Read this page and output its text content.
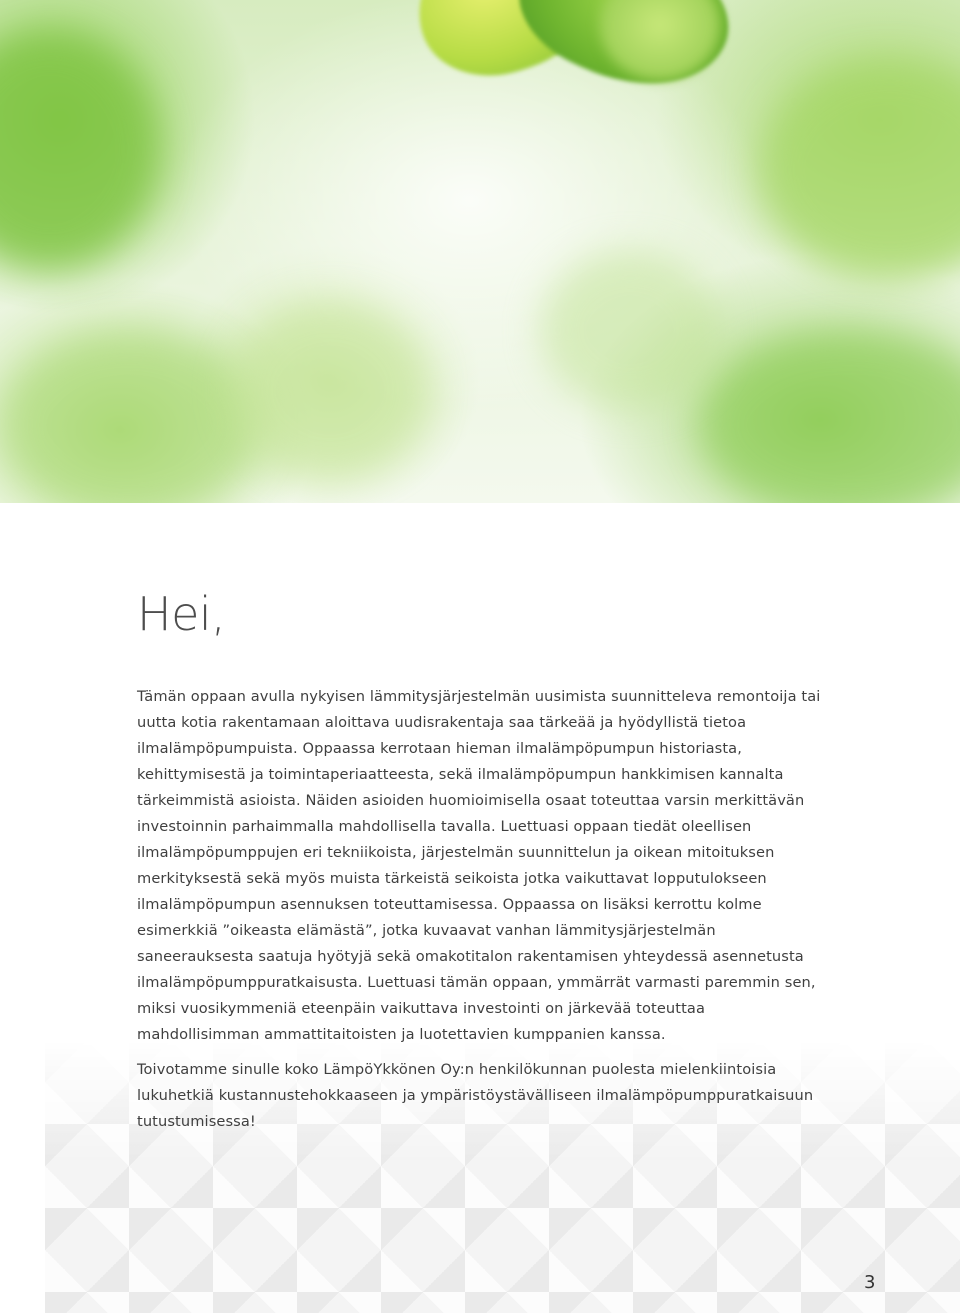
Hei,

Tämän oppaan avulla nykyisen lämmitysjärjestelmän uusimista suunnitteleva remontoija tai uutta kotia rakentamaan aloittava uudisrakentaja saa tärkeää ja hyödyllistä tietoa ilmalämpöpumpuista. Oppaassa kerrotaan hieman ilmalämpöpumpun historiasta, kehittymisestä ja toimintaperiaatteesta, sekä ilmalämpöpumpun hankkimisen kannalta tärkeimmistä asioista. Näiden asioiden huomioimisella osaat toteuttaa varsin merkittävän investoinnin parhaimmalla mahdollisella tavalla. Luettuasi oppaan tiedät oleellisen ilmalämpöpumppujen eri tekniikoista, järjestelmän suunnittelun ja oikean mitoituksen merkityksestä sekä myös muista tärkeistä seikoista jotka vaikuttavat lopputulokseen ilmalämpöpumpun asennuksen toteuttamisessa. Oppaassa on lisäksi kerrottu kolme esimerkkiä ”oikeasta elämästä”, jotka kuvaavat vanhan lämmitysjärjestelmän saneerauksesta saatuja hyötyjä sekä omakotitalon rakentamisen yhteydessä asennetusta ilmalämpöpumppuratkaisusta. Luettuasi tämän oppaan, ymmärrät varmasti paremmin sen, miksi vuosikymmeniä eteenpäin vaikuttava investointi on järkevää toteuttaa mahdollisimman ammattitaitoisten ja luotettavien kumppanien kanssa.

Toivotamme sinulle koko LämpöYkkönen Oy:n henkilökunnan puolesta mielenkiintoisia lukuhetkiä kustannustehokkaaseen ja ympäristöystävälliseen ilmalämpöpumppuratkaisuun tutustumisessa!

3
